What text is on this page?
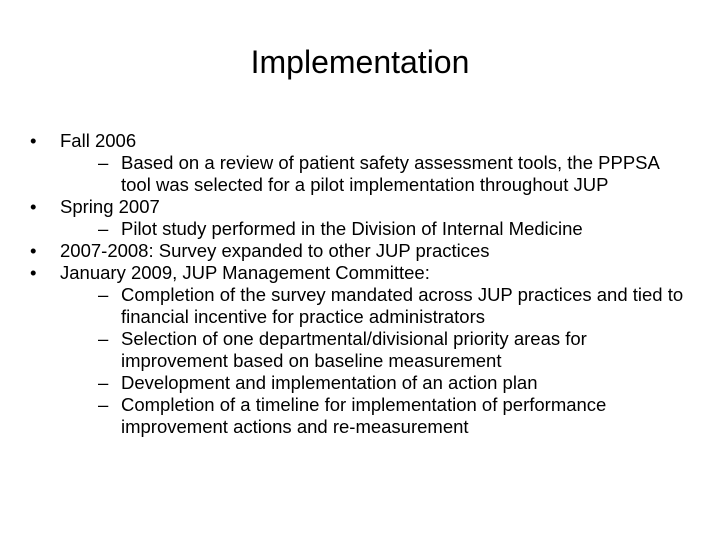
Implementation
• Fall 2006
– Based on a review of patient safety assessment tools, the PPPSA tool was selected for a pilot implementation throughout JUP
• Spring 2007
– Pilot study performed in the Division of Internal Medicine
• 2007-2008: Survey expanded to other JUP practices
• January 2009, JUP Management Committee:
– Completion of the survey mandated across JUP practices and tied to financial incentive for practice administrators
– Selection of one departmental/divisional priority areas for improvement based on baseline measurement
– Development and implementation of an action plan
– Completion of a timeline for implementation of performance improvement actions and re-measurement
